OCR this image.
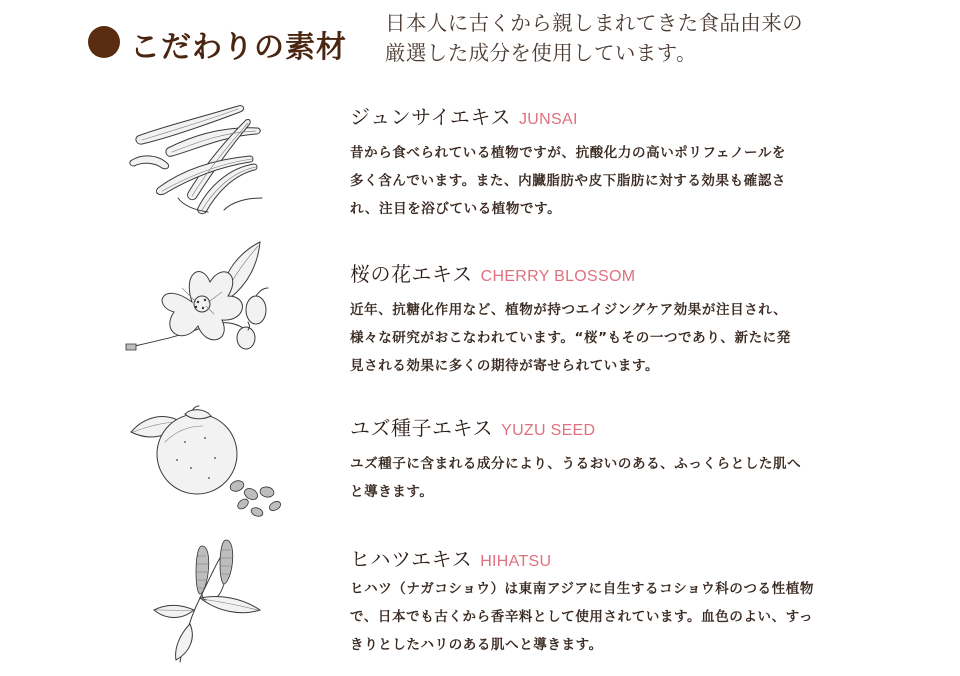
こだわりの素材
日本人に古くから親しまれてきた食品由来の
厳選した成分を使用しています。
ジュンサイエキス JUNSAI
昔から食べられている植物ですが、抗酸化力の高いポリフェノールを
多く含んでいます。また、内臓脂肪や皮下脂肪に対する効果も確認さ
れ、注目を浴びている植物です。
桜の花エキス CHERRY BLOSSOM
近年、抗糖化作用など、植物が持つエイジングケア効果が注目され、
様々な研究がおこなわれています。“桜”もその一つであり、新たに発
見される効果に多くの期待が寄せられています。
ユズ種子エキス YUZU SEED
ユズ種子に含まれる成分により、うるおいのある、ふっくらとした肌へ
と導きます。
ヒハツエキス HIHATSU
ヒハツ（ナガコショウ）は東南アジアに自生するコショウ科のつる性植物
で、日本でも古くから香辛料として使用されています。血色のよい、すっ
きりとしたハリのある肌へと導きます。
